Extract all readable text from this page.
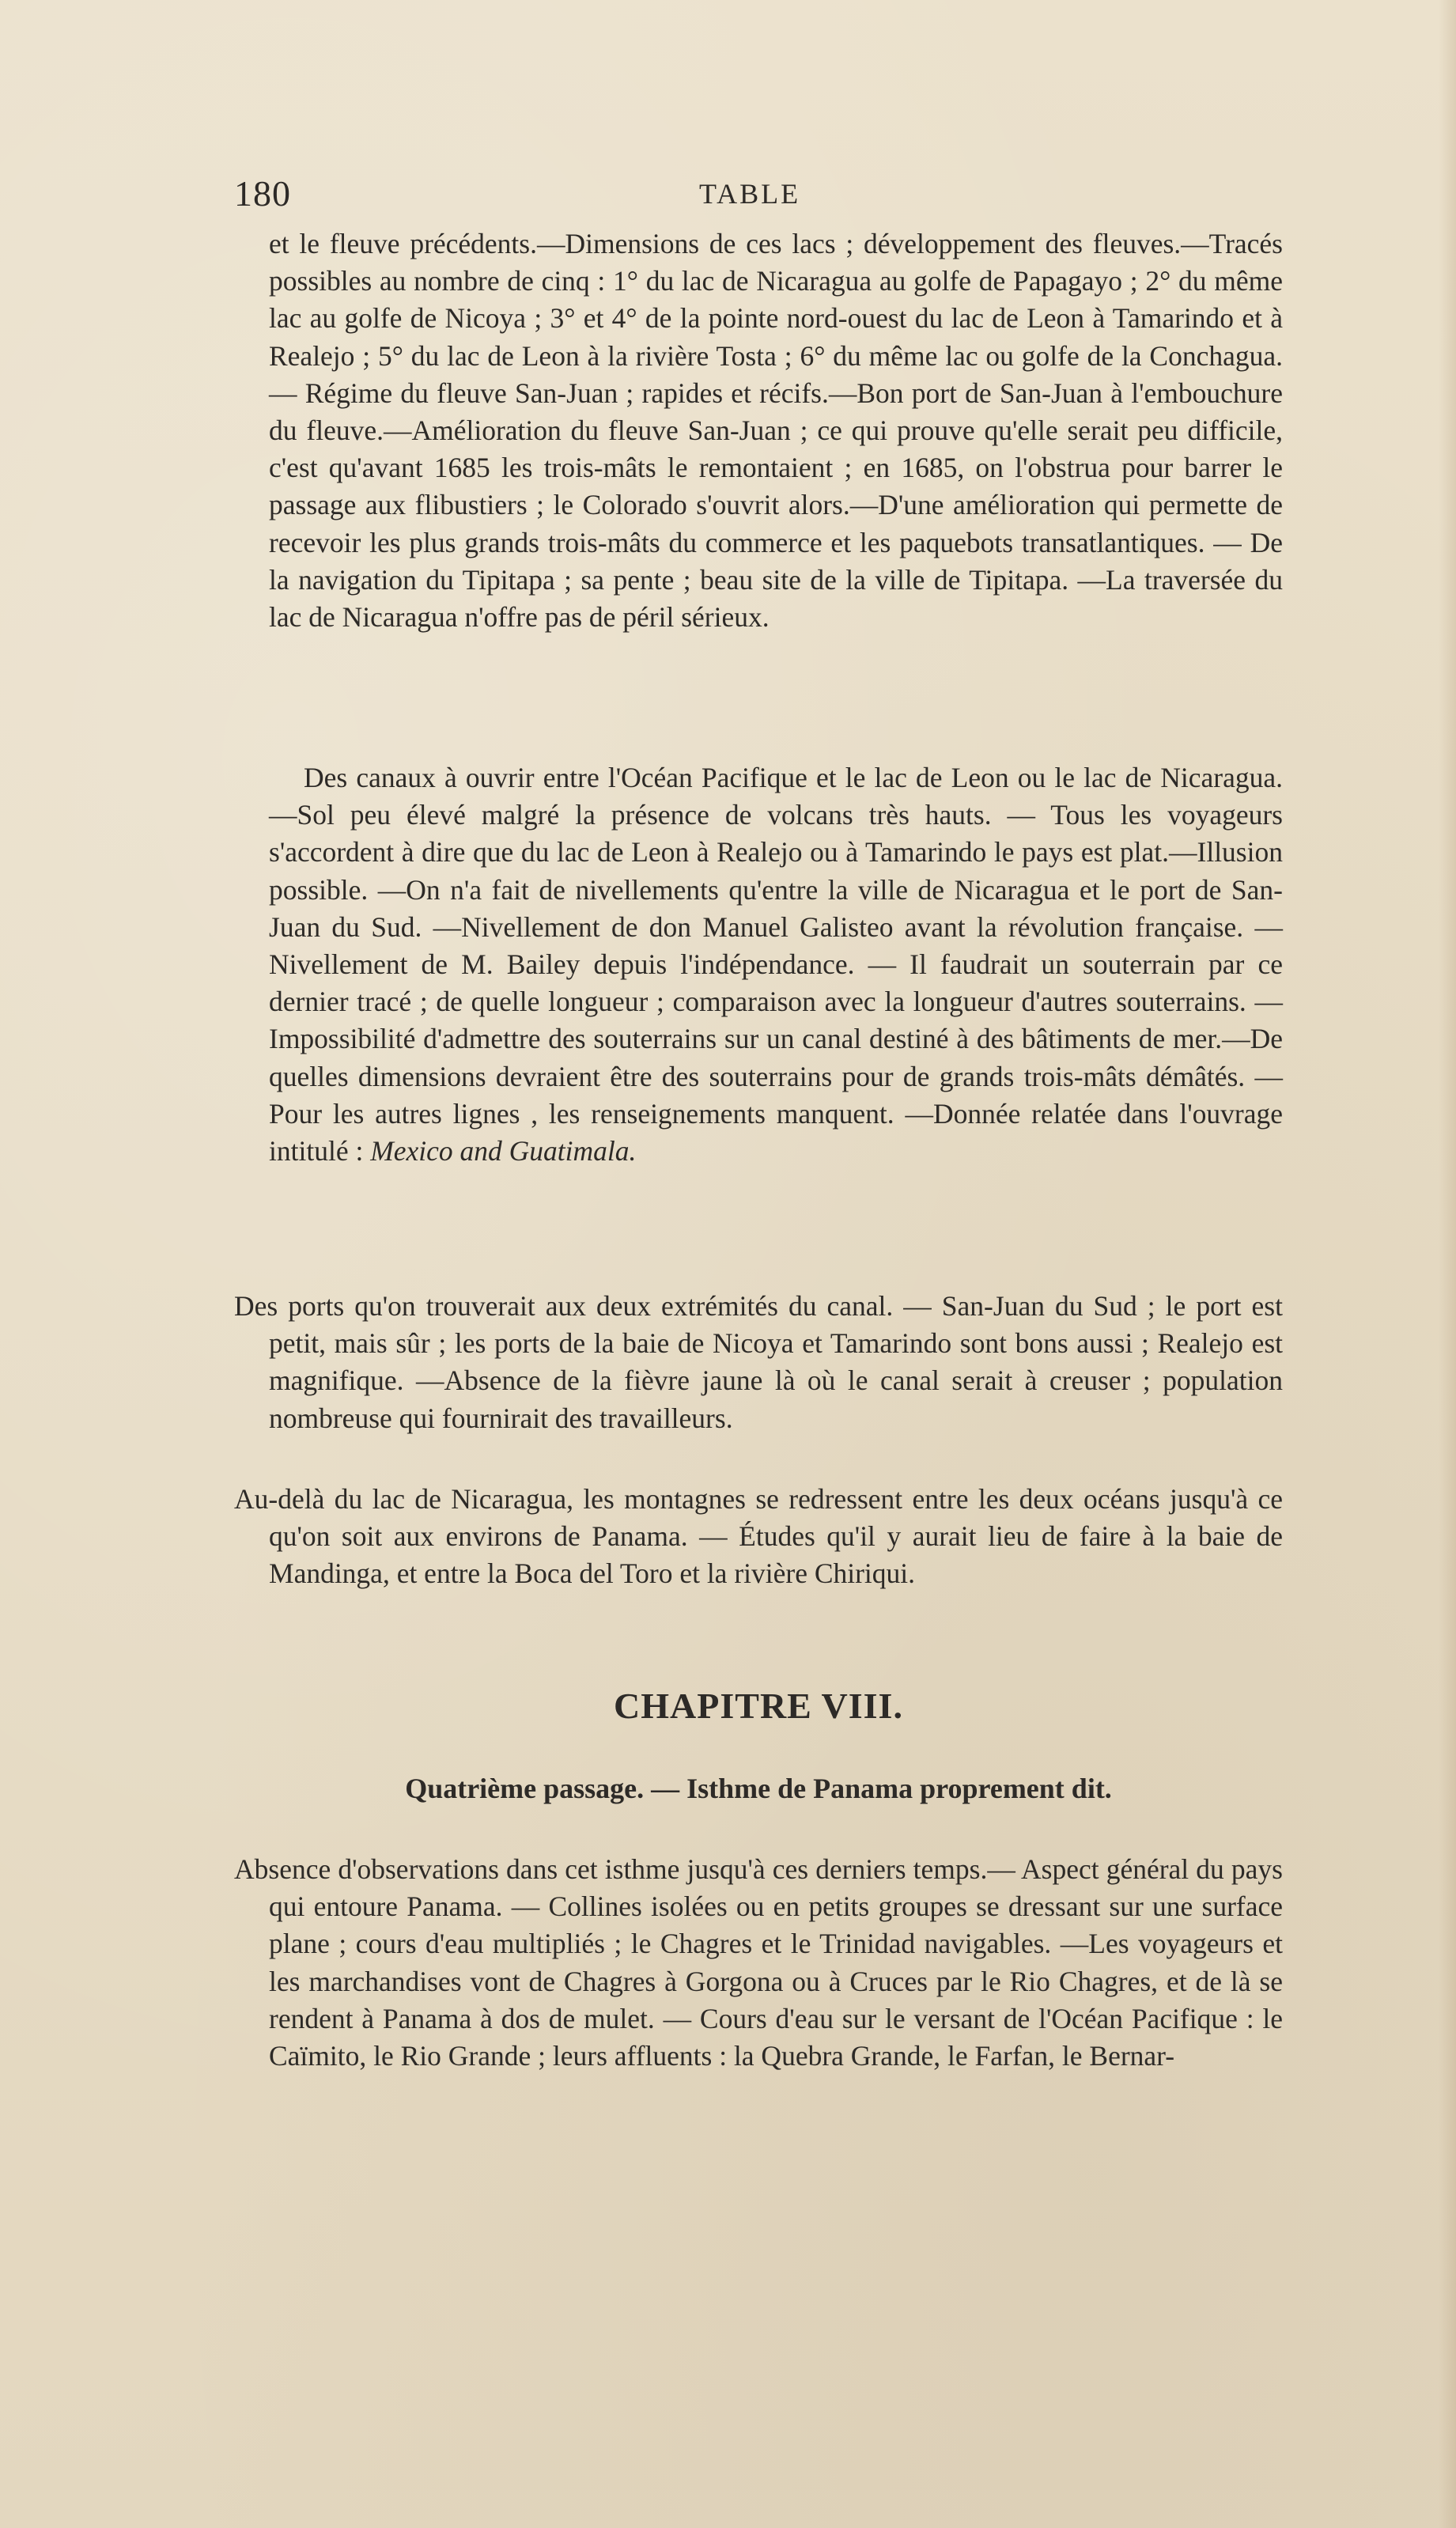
180	TABLE

et le fleuve précédents.—Dimensions de ces lacs ; développement des fleuves.—Tracés possibles au nombre de cinq : 1° du lac de Nicaragua au golfe de Papagayo ; 2° du même lac au golfe de Nicoya ; 3° et 4° de la pointe nord-ouest du lac de Leon à Tamarindo et à Realejo ; 5° du lac de Leon à la rivière Tosta ; 6° du même lac ou golfe de la Conchagua. — Régime du fleuve San-Juan ; rapides et récifs.—Bon port de San-Juan à l'embouchure du fleuve.—Amélioration du fleuve San-Juan ; ce qui prouve qu'elle serait peu difficile, c'est qu'avant 1685 les trois-mâts le remontaient ; en 1685, on l'obstrua pour barrer le passage aux flibustiers ; le Colorado s'ouvrit alors.—D'une amélioration qui permette de recevoir les plus grands trois-mâts du commerce et les paquebots transatlantiques. — De la navigation du Tipitapa ; sa pente ; beau site de la ville de Tipitapa. —La traversée du lac de Nicaragua n'offre pas de péril sérieux.

Des canaux à ouvrir entre l'Océan Pacifique et le lac de Leon ou le lac de Nicaragua. —Sol peu élevé malgré la présence de volcans très hauts. — Tous les voyageurs s'accordent à dire que du lac de Leon à Realejo ou à Tamarindo le pays est plat.—Illusion possible. —On n'a fait de nivellements qu'entre la ville de Nicaragua et le port de San-Juan du Sud. —Nivellement de don Manuel Galisteo avant la révolution française. — Nivellement de M. Bailey depuis l'indépendance. — Il faudrait un souterrain par ce dernier tracé ; de quelle longueur ; comparaison avec la longueur d'autres souterrains. — Impossibilité d'admettre des souterrains sur un canal destiné à des bâtiments de mer.—De quelles dimensions devraient être des souterrains pour de grands trois-mâts démâtés. — Pour les autres lignes , les renseignements manquent. —Donnée relatée dans l'ouvrage intitulé : Mexico and Guatimala.

Des ports qu'on trouverait aux deux extrémités du canal. — San-Juan du Sud ; le port est petit, mais sûr ; les ports de la baie de Nicoya et Tamarindo sont bons aussi ; Realejo est magnifique. —Absence de la fièvre jaune là où le canal serait à creuser ; population nombreuse qui fournirait des travailleurs.

Au-delà du lac de Nicaragua, les montagnes se redressent entre les deux océans jusqu'à ce qu'on soit aux environs de Panama. — Études qu'il y aurait lieu de faire à la baie de Mandinga, et entre la Boca del Toro et la rivière Chiriqui.

CHAPITRE VIII.
Quatrième passage. — Isthme de Panama proprement dit.

Absence d'observations dans cet isthme jusqu'à ces derniers temps.— Aspect général du pays qui entoure Panama. — Collines isolées ou en petits groupes se dressant sur une surface plane ; cours d'eau multipliés ; le Chagres et le Trinidad navigables. —Les voyageurs et les marchandises vont de Chagres à Gorgona ou à Cruces par le Rio Chagres, et de là se rendent à Panama à dos de mulet. — Cours d'eau sur le versant de l'Océan Pacifique : le Caïmito, le Rio Grande ; leurs affluents : la Quebra Grande, le Farfan, le Bernar-
